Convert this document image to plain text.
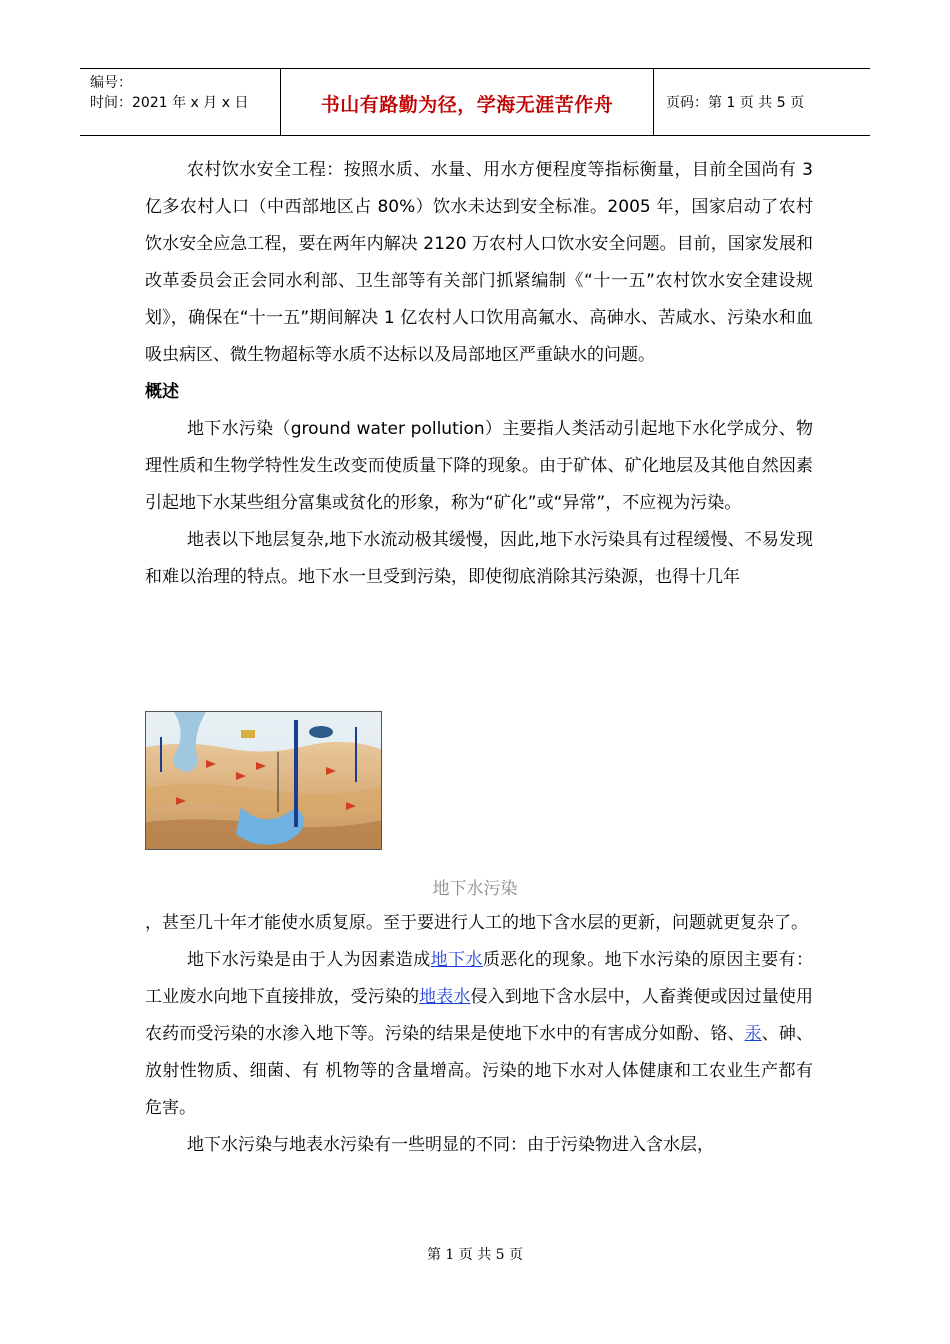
编号：
时间：2021 年 x 月 x 日	书山有路勤为径，学海无涯苦作舟	页码：第 1 页 共 5 页

农村饮水安全工程：按照水质、水量、用水方便程度等指标衡量，目前全国尚有 3 亿多农村人口（中西部地区占 80%）饮水未达到安全标准。2005 年，国家启动了农村饮水安全应急工程，要在两年内解决 2120 万农村人口饮水安全问题。目前，国家发展和改革委员会正会同水利部、卫生部等有关部门抓紧编制《“十一五”农村饮水安全建设规划》，确保在“十一五”期间解决 1 亿农村人口饮用高氟水、高砷水、苦咸水、污染水和血吸虫病区、微生物超标等水质不达标以及局部地区严重缺水的问题。

概述

地下水污染（ground water pollution）主要指人类活动引起地下水化学成分、物理性质和生物学特性发生改变而使质量下降的现象。由于矿体、矿化地层及其他自然因素引起地下水某些组分富集或贫化的形象，称为“矿化”或“异常”，不应视为污染。

地表以下地层复杂,地下水流动极其缓慢，因此,地下水污染具有过程缓慢、不易发现和难以治理的特点。地下水一旦受到污染，即使彻底消除其污染源，也得十几年

地下水污染

，甚至几十年才能使水质复原。至于要进行人工的地下含水层的更新，问题就更复杂了。

地下水污染是由于人为因素造成地下水质恶化的现象。地下水污染的原因主要有：工业废水向地下直接排放，受污染的地表水侵入到地下含水层中，人畜粪便或因过量使用农药而受污染的水渗入地下等。污染的结果是使地下水中的有害成分如酚、铬、汞、砷、放射性物质、细菌、有 机物等的含量增高。污染的地下水对人体健康和工农业生产都有危害。

地下水污染与地表水污染有一些明显的不同：由于污染物进入含水层，

第 1 页 共 5 页
